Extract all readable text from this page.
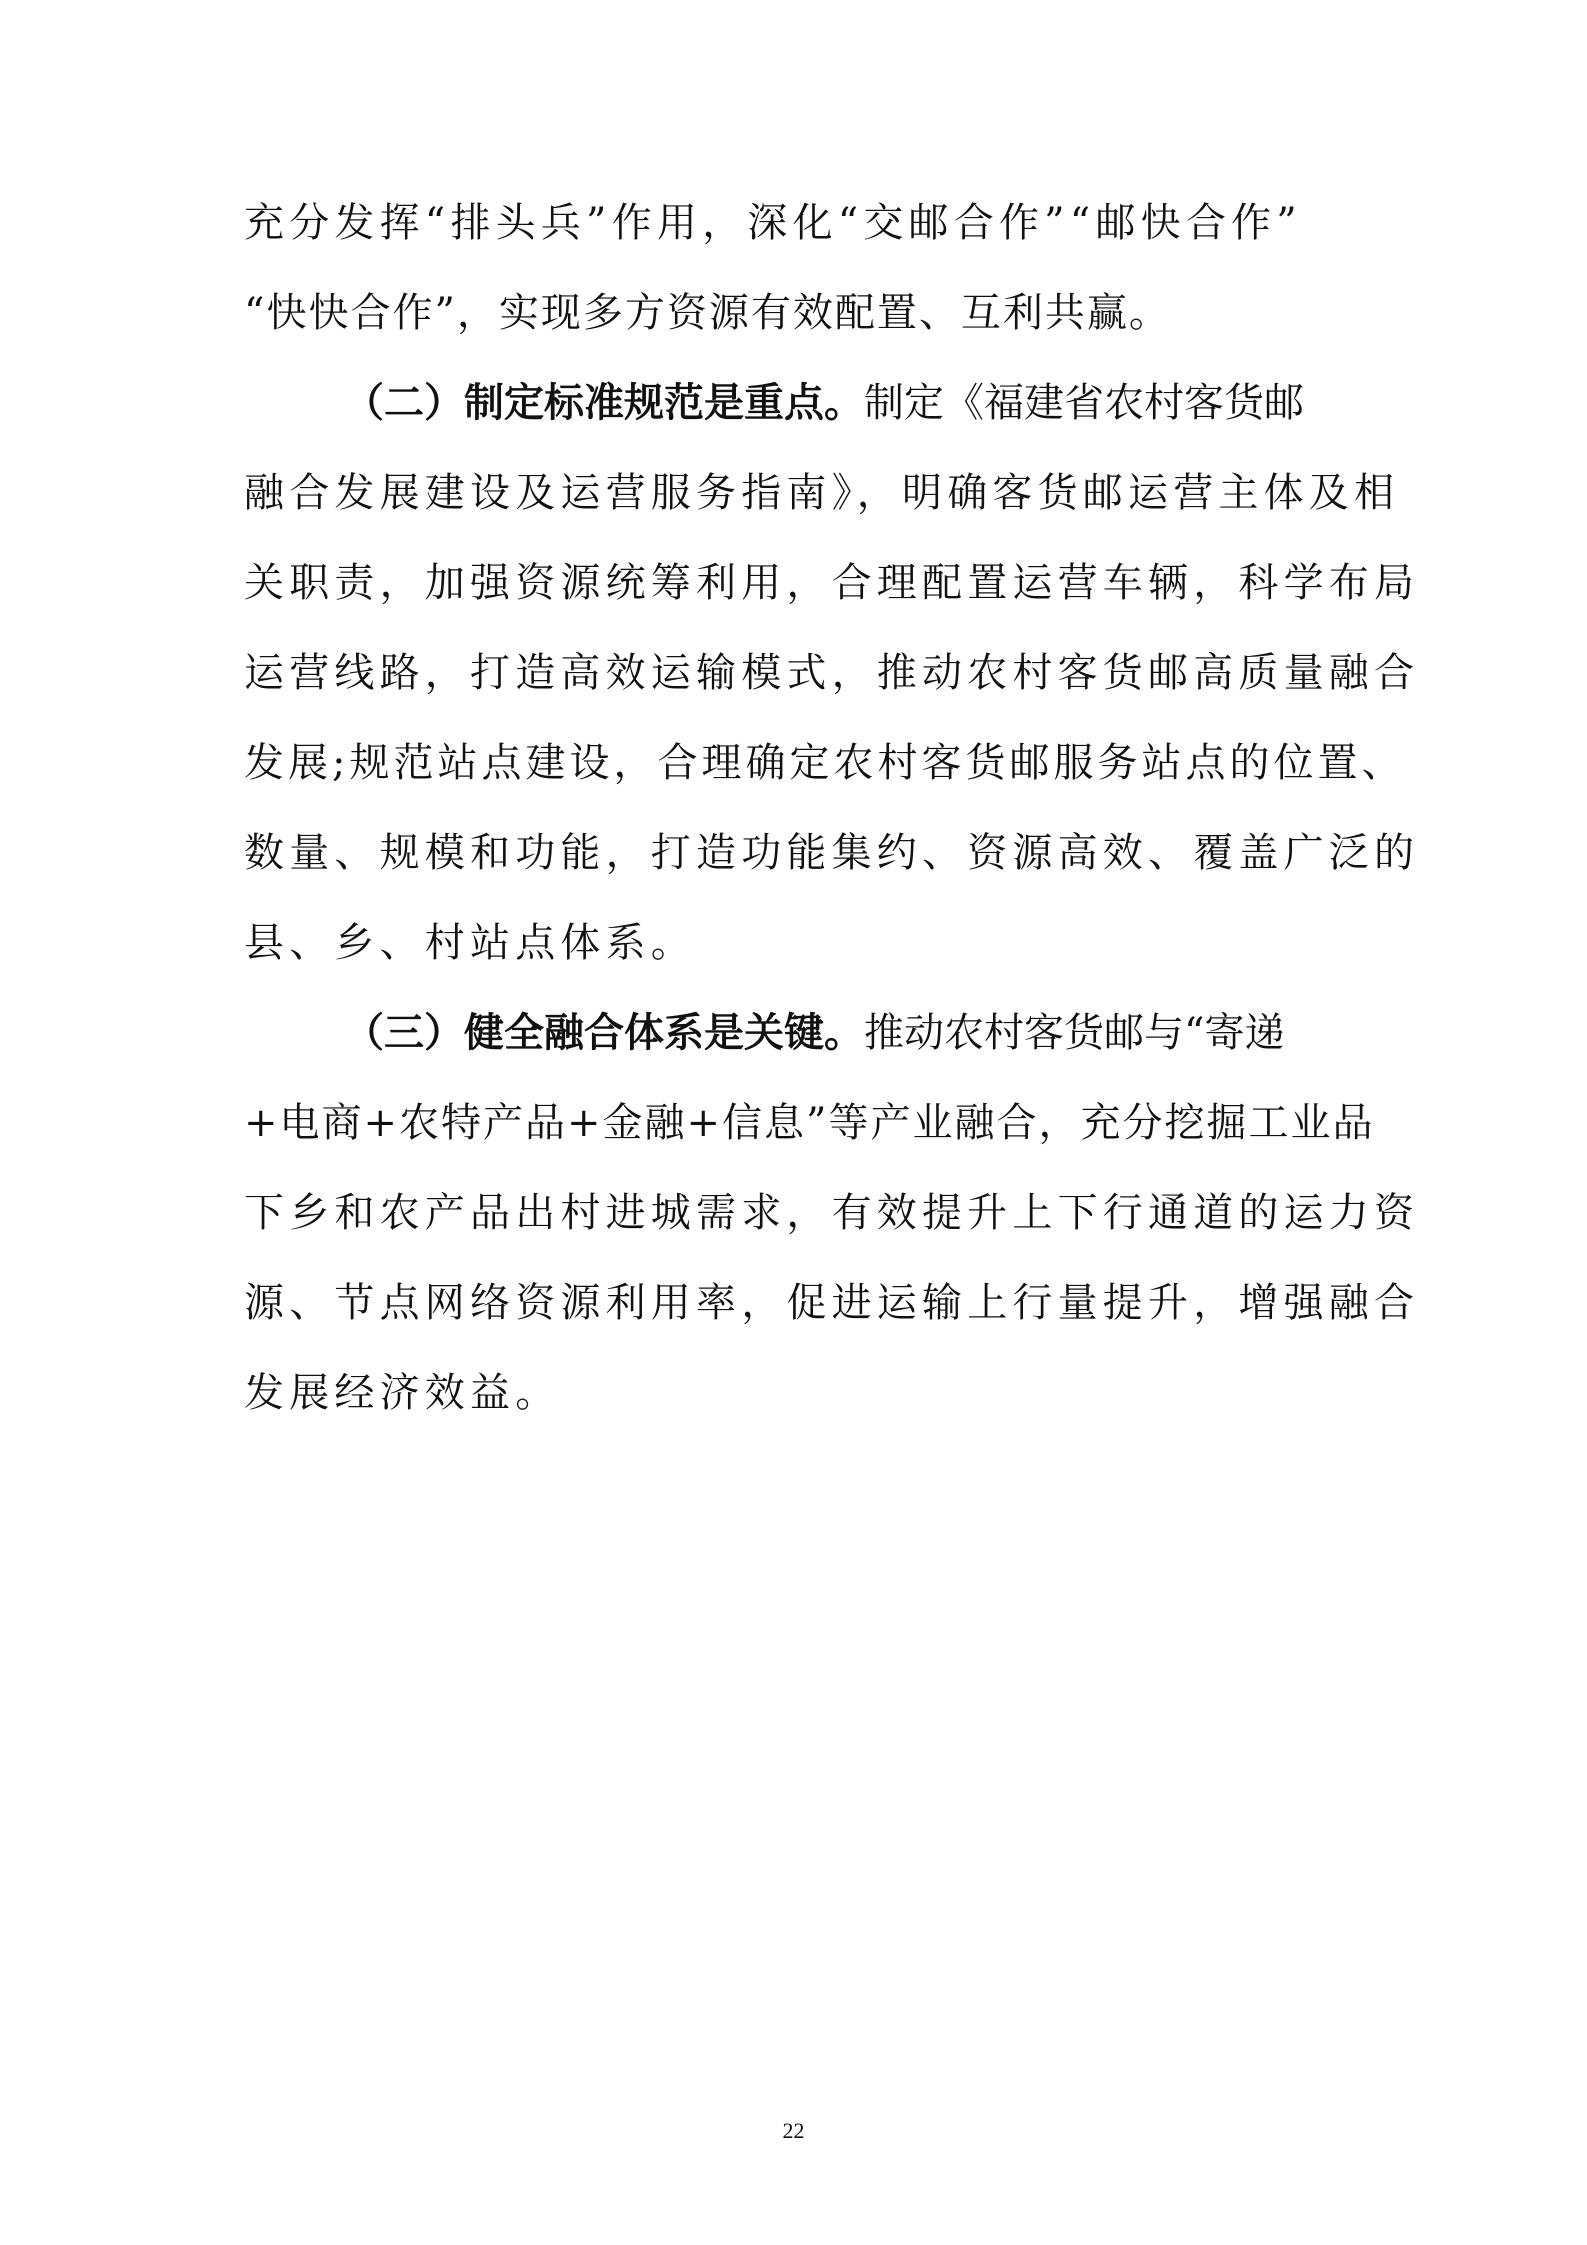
充分发挥“排头兵”作用，深化“交邮合作”“邮快合作”
“快快合作”，实现多方资源有效配置、互利共赢。
（二）制定标准规范是重点。制定《福建省农村客货邮
融合发展建设及运营服务指南》，明确客货邮运营主体及相
关职责，加强资源统筹利用，合理配置运营车辆，科学布局
运营线路，打造高效运输模式，推动农村客货邮高质量融合
发展;规范站点建设，合理确定农村客货邮服务站点的位置、
数量、规模和功能，打造功能集约、资源高效、覆盖广泛的
县、乡、村站点体系。
（三）健全融合体系是关键。推动农村客货邮与“寄递
+电商+农特产品+金融+信息”等产业融合，充分挖掘工业品
下乡和农产品出村进城需求，有效提升上下行通道的运力资
源、节点网络资源利用率，促进运输上行量提升，增强融合
发展经济效益。
22
